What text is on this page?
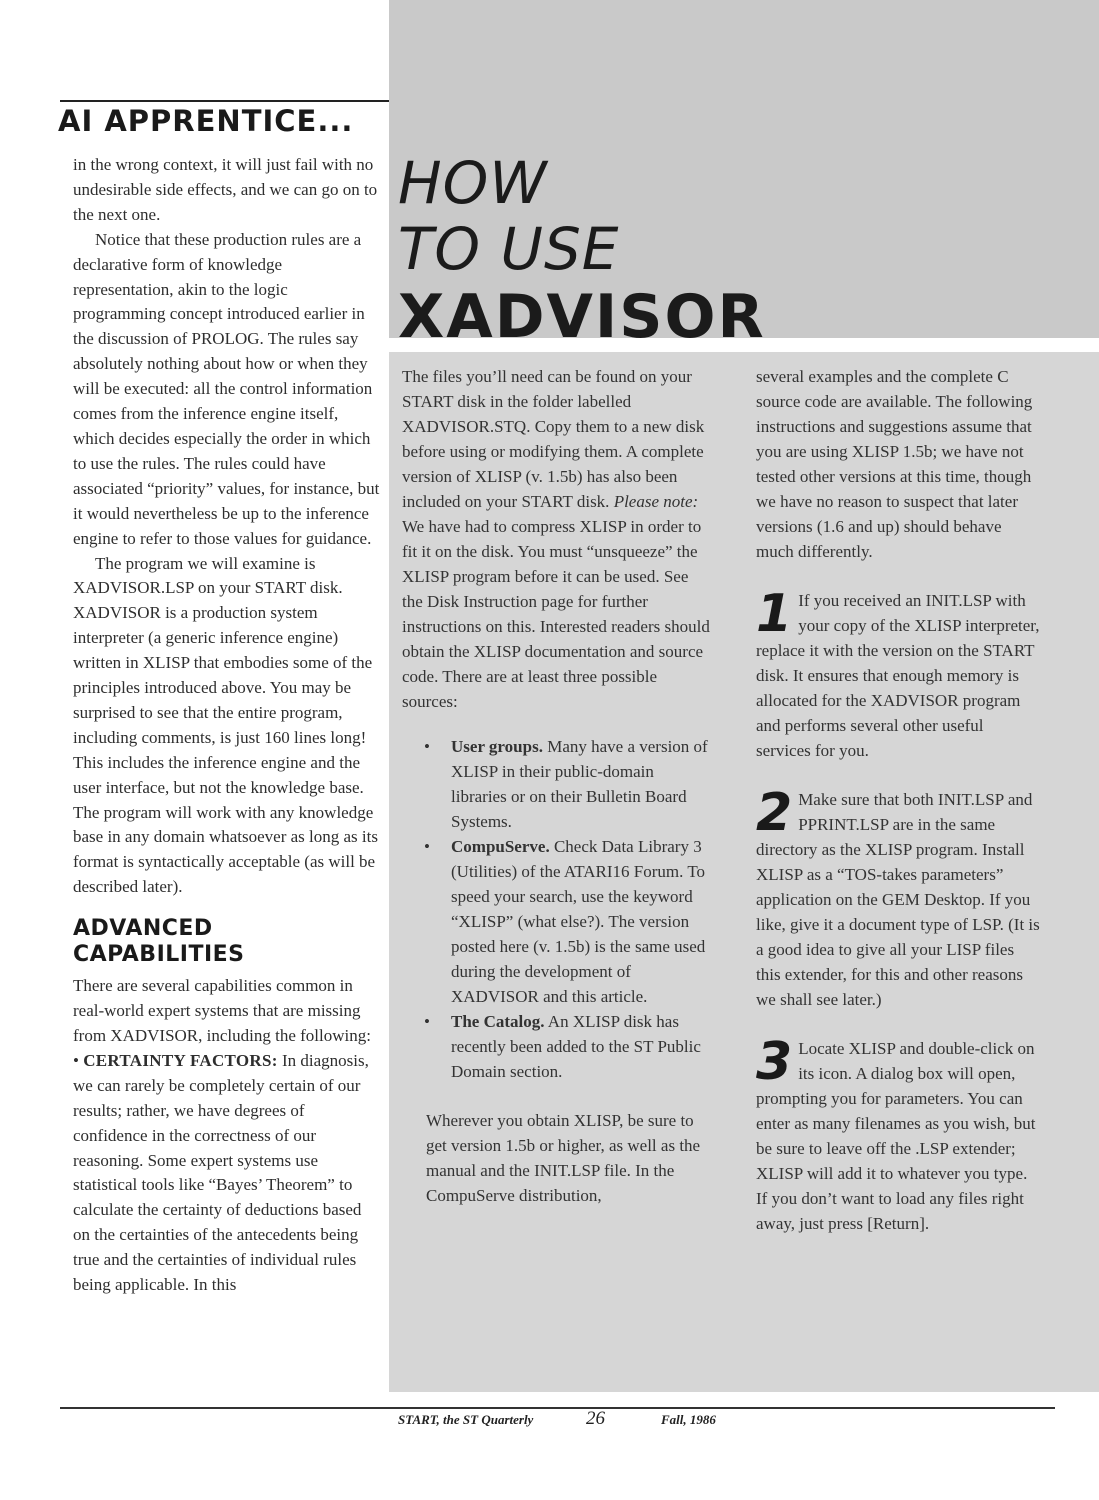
AI APPRENTICE...

in the wrong context, it will just fail with no undesirable side effects, and we can go on to the next one.

Notice that these production rules are a declarative form of knowledge representation, akin to the logic programming concept introduced earlier in the discussion of PROLOG. The rules say absolutely nothing about how or when they will be executed: all the control information comes from the inference engine itself, which decides especially the order in which to use the rules. The rules could have associated “priority” values, for instance, but it would nevertheless be up to the inference engine to refer to those values for guidance.

The program we will examine is XADVISOR.LSP on your START disk. XADVISOR is a production system interpreter (a generic inference engine) written in XLISP that embodies some of the principles introduced above. You may be surprised to see that the entire program, including comments, is just 160 lines long! This includes the inference engine and the user interface, but not the knowledge base. The program will work with any knowledge base in any domain whatsoever as long as its format is syntactically acceptable (as will be described later).

ADVANCED
CAPABILITIES

There are several capabilities common in real-world expert systems that are missing from XADVISOR, including the following:

• CERTAINTY FACTORS: In diagnosis, we can rarely be completely certain of our results; rather, we have degrees of confidence in the correctness of our reasoning. Some expert systems use statistical tools like “Bayes’ Theorem” to calculate the certainty of deductions based on the certainties of the antecedents being true and the certainties of individual rules being applicable. In this

HOW
TO USE
XADVISOR

The files you’ll need can be found on your START disk in the folder labelled XADVISOR.STQ. Copy them to a new disk before using or modifying them. A complete version of XLISP (v. 1.5b) has also been included on your START disk. Please note: We have had to compress XLISP in order to fit it on the disk. You must “unsqueeze” the XLISP program before it can be used. See the Disk Instruction page for further instructions on this. Interested readers should obtain the XLISP documentation and source code. There are at least three possible sources:

• User groups. Many have a version of XLISP in their public-domain libraries or on their Bulletin Board Systems.
• CompuServe. Check Data Library 3 (Utilities) of the ATARI16 Forum. To speed your search, use the keyword “XLISP” (what else?). The version posted here (v. 1.5b) is the same used during the development of XADVISOR and this article.
• The Catalog. An XLISP disk has recently been added to the ST Public Domain section.

Wherever you obtain XLISP, be sure to get version 1.5b or higher, as well as the manual and the INIT.LSP file. In the CompuServe distribution,

several examples and the complete C source code are available. The following instructions and suggestions assume that you are using XLISP 1.5b; we have not tested other versions at this time, though we have no reason to suspect that later versions (1.6 and up) should behave much differently.

1 If you received an INIT.LSP with your copy of the XLISP interpreter, replace it with the version on the START disk. It ensures that enough memory is allocated for the XADVISOR program and performs several other useful services for you.

2 Make sure that both INIT.LSP and PPRINT.LSP are in the same directory as the XLISP program. Install XLISP as a “TOS-takes parameters” application on the GEM Desktop. If you like, give it a document type of LSP. (It is a good idea to give all your LISP files this extender, for this and other reasons we shall see later.)

3 Locate XLISP and double-click on its icon. A dialog box will open, prompting you for parameters. You can enter as many filenames as you wish, but be sure to leave off the .LSP extender; XLISP will add it to whatever you type. If you don’t want to load any files right away, just press [Return].

START, the ST Quarterly	26	Fall, 1986
